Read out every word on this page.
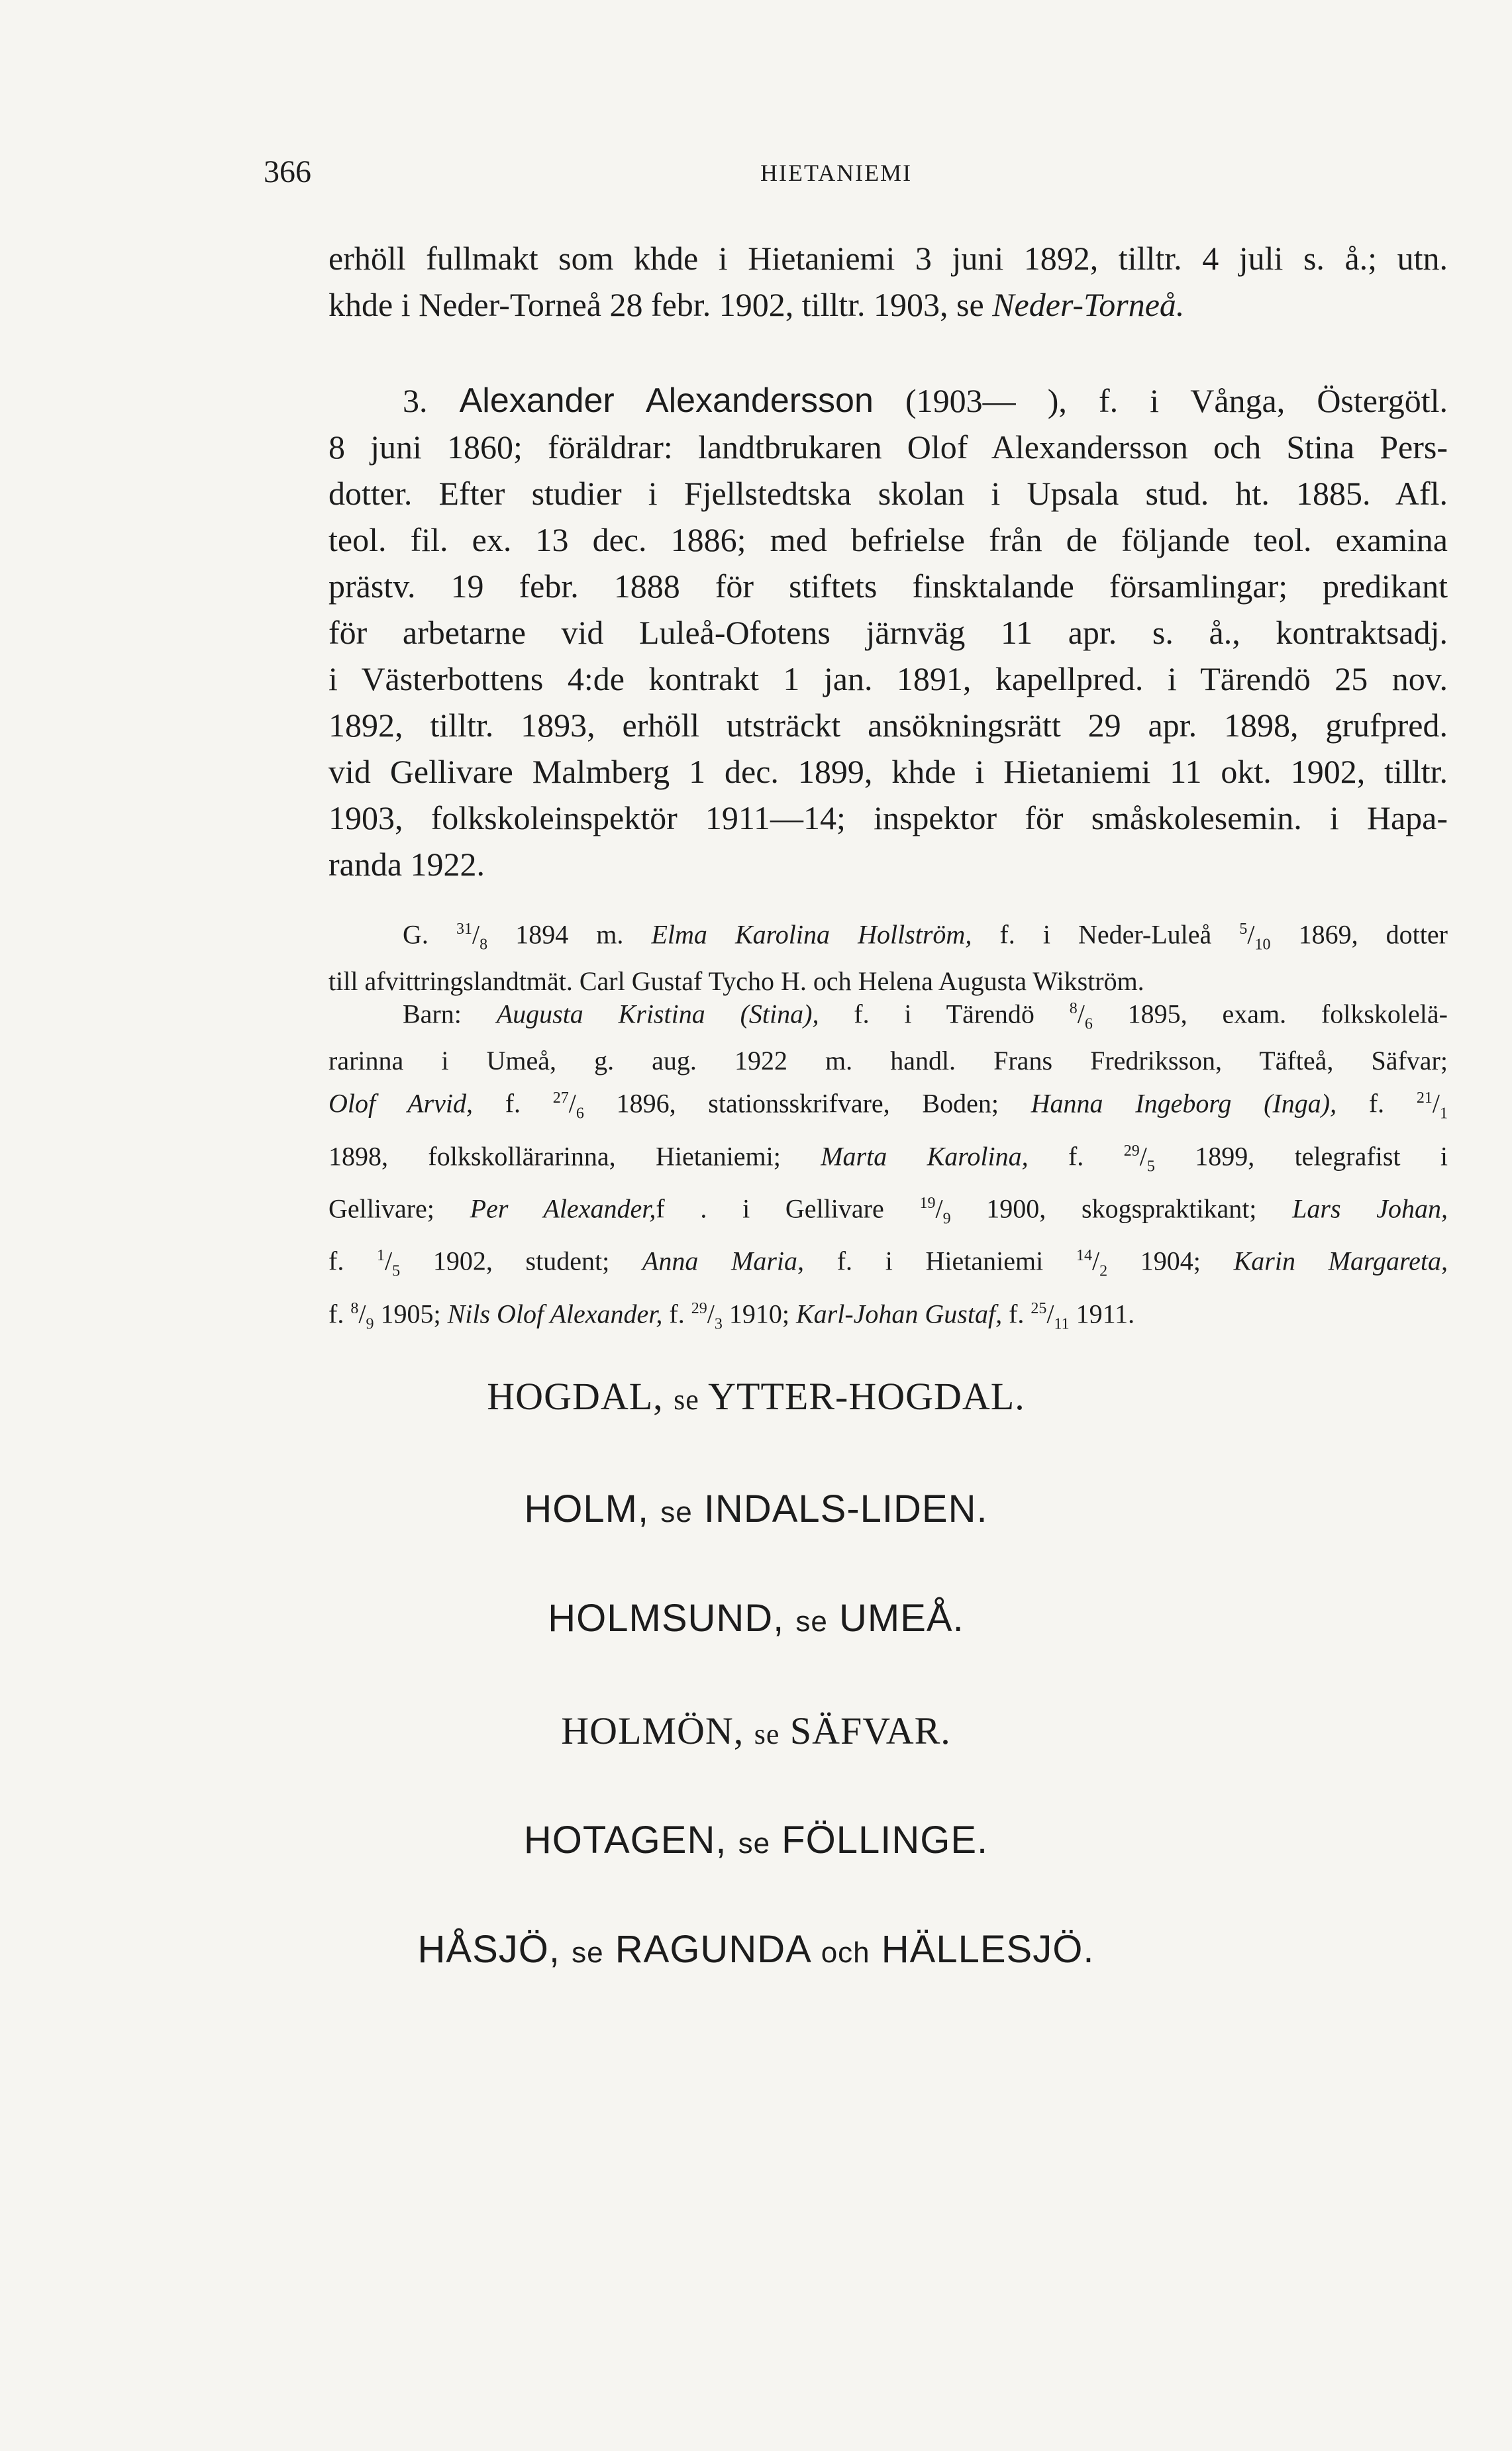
366	HIETANIEMI
erhöll fullmakt som khde i Hietaniemi 3 juni 1892, tilltr. 4 juli s. å.; utn.
khde i Neder-Torneå 28 febr. 1902, tilltr. 1903, se Neder-Torneå.
3. Alexander Alexandersson (1903— ), f. i Vånga, Östergötl.
8 juni 1860; föräldrar: landtbrukaren Olof Alexandersson och Stina Pers-
dotter. Efter studier i Fjellstedtska skolan i Upsala stud. ht. 1885. Afl.
teol. fil. ex. 13 dec. 1886; med befrielse från de följande teol. examina
prästv. 19 febr. 1888 för stiftets finsktalande församlingar; predikant
för arbetarne vid Luleå-Ofotens järnväg 11 apr. s. å., kontraktsadj.
i Västerbottens 4:de kontrakt 1 jan. 1891, kapellpred. i Tärendö 25 nov.
1892, tilltr. 1893, erhöll utsträckt ansökningsrätt 29 apr. 1898, grufpred.
vid Gellivare Malmberg 1 dec. 1899, khde i Hietaniemi 11 okt. 1902, tilltr.
1903, folkskoleinspektör 1911—14; inspektor för småskolesemin. i Hapa-
randa 1922.
G. $^{31}/_8$ 1894 m. Elma Karolina Hollström, f. i Neder-Luleå $^5/_{10}$ 1869, dotter
till afvittringslandtmät. Carl Gustaf Tycho H. och Helena Augusta Wikström.
Barn: Augusta Kristina (Stina), f. i Tärendö $^8/_6$ 1895, exam. folkskolelä-
rarinna i Umeå, g. aug. 1922 m. handl. Frans Fredriksson, Täfteå, Säfvar;
Olof Arvid, f. $^{27}/_6$ 1896, stationsskrifvare, Boden; Hanna Ingeborg (Inga), f. $^{21}/_1$
1898, folkskollärarinna, Hietaniemi; Marta Karolina, f. $^{29}/_5$ 1899, telegrafist i
Gellivare; Per Alexander,f . i Gellivare $^{19}/_9$ 1900, skogspraktikant; Lars Johan,
f. $^1/_5$ 1902, student; Anna Maria, f. i Hietaniemi $^{14}/_2$ 1904; Karin Margareta,
f. $^8/_9$ 1905; Nils Olof Alexander, f. $^{29}/_3$ 1910; Karl-Johan Gustaf, f. $^{25}/_{11}$ 1911.
HOGDAL, se YTTER-HOGDAL.
HOLM, se INDALS-LIDEN.
HOLMSUND, se UMEÅ.
HOLMÖN, se SÄFVAR.
HOTAGEN, se FÖLLINGE.
HÅSJÖ, se RAGUNDA och HÄLLESJÖ.
